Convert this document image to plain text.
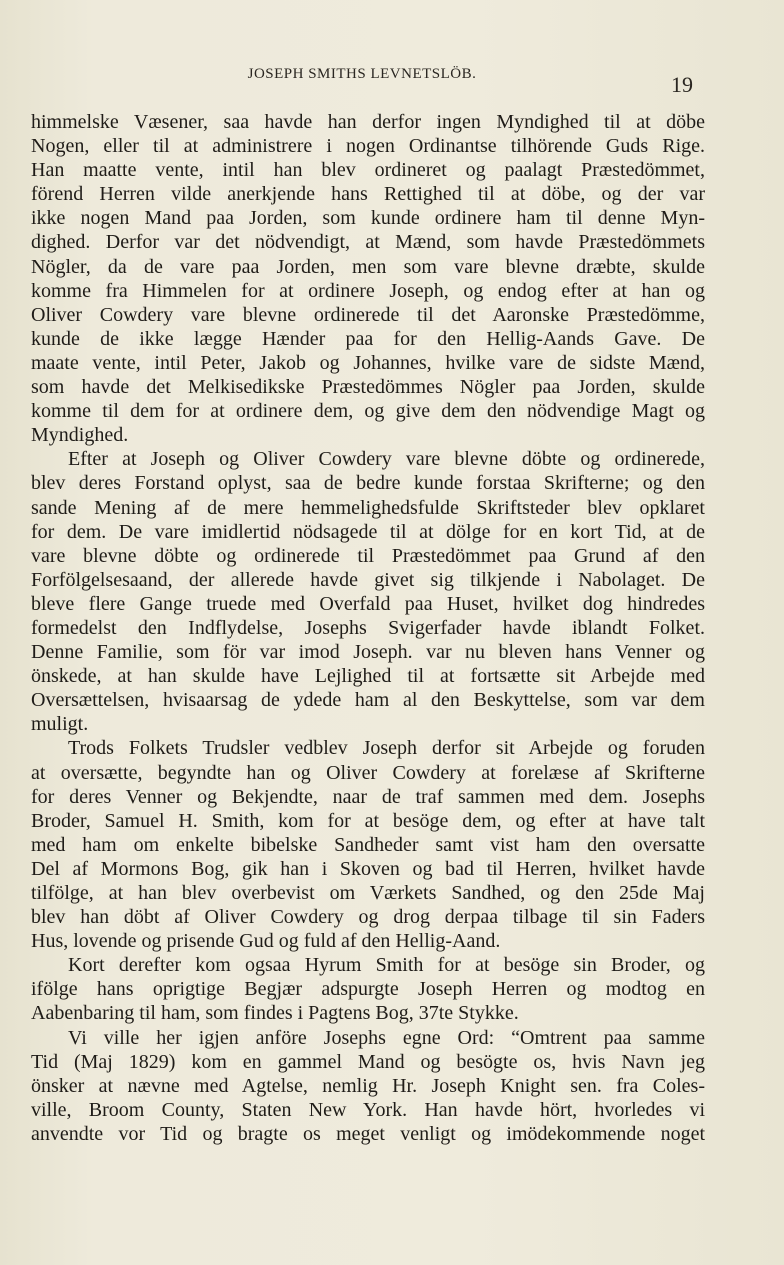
JOSEPH SMITHS LEVNETSLÖB.	19
himmelske Væsener, saa havde han derfor ingen Myndighed til at döbe
Nogen, eller til at administrere i nogen Ordinantse tilhörende Guds Rige.
Han maatte vente, intil han blev ordineret og paalagt Præstedömmet,
förend Herren vilde anerkjende hans Rettighed til at döbe, og der var
ikke nogen Mand paa Jorden, som kunde ordinere ham til denne Myn-
dighed. Derfor var det nödvendigt, at Mænd, som havde Præstedömmets
Nögler, da de vare paa Jorden, men som vare blevne dræbte, skulde
komme fra Himmelen for at ordinere Joseph, og endog efter at han og
Oliver Cowdery vare blevne ordinerede til det Aaronske Præstedömme,
kunde de ikke lægge Hænder paa for den Hellig-Aands Gave. De
maate vente, intil Peter, Jakob og Johannes, hvilke vare de sidste Mænd,
som havde det Melkisedikske Præstedömmes Nögler paa Jorden, skulde
komme til dem for at ordinere dem, og give dem den nödvendige Magt og
Myndighed.
Efter at Joseph og Oliver Cowdery vare blevne döbte og ordinerede,
blev deres Forstand oplyst, saa de bedre kunde forstaa Skrifterne; og den
sande Mening af de mere hemmelighedsfulde Skriftsteder blev opklaret
for dem. De vare imidlertid nödsagede til at dölge for en kort Tid, at de
vare blevne döbte og ordinerede til Præstedömmet paa Grund af den
Forfölgelsesaand, der allerede havde givet sig tilkjende i Nabolaget. De
bleve flere Gange truede med Overfald paa Huset, hvilket dog hindredes
formedelst den Indflydelse, Josephs Svigerfader havde iblandt Folket.
Denne Familie, som för var imod Joseph. var nu bleven hans Venner og
önskede, at han skulde have Lejlighed til at fortsætte sit Arbejde med
Oversættelsen, hvisaarsag de ydede ham al den Beskyttelse, som var dem
muligt.
Trods Folkets Trudsler vedblev Joseph derfor sit Arbejde og foruden
at oversætte, begyndte han og Oliver Cowdery at forelæse af Skrifterne
for deres Venner og Bekjendte, naar de traf sammen med dem. Josephs
Broder, Samuel H. Smith, kom for at besöge dem, og efter at have talt
med ham om enkelte bibelske Sandheder samt vist ham den oversatte
Del af Mormons Bog, gik han i Skoven og bad til Herren, hvilket havde
tilfölge, at han blev overbevist om Værkets Sandhed, og den 25de Maj
blev han döbt af Oliver Cowdery og drog derpaa tilbage til sin Faders
Hus, lovende og prisende Gud og fuld af den Hellig-Aand.
Kort derefter kom ogsaa Hyrum Smith for at besöge sin Broder, og
ifölge hans oprigtige Begjær adspurgte Joseph Herren og modtog en
Aabenbaring til ham, som findes i Pagtens Bog, 37te Stykke.
Vi ville her igjen anföre Josephs egne Ord: “Omtrent paa samme
Tid (Maj 1829) kom en gammel Mand og besögte os, hvis Navn jeg
önsker at nævne med Agtelse, nemlig Hr. Joseph Knight sen. fra Coles-
ville, Broom County, Staten New York. Han havde hört, hvorledes vi
anvendte vor Tid og bragte os meget venligt og imödekommende noget
